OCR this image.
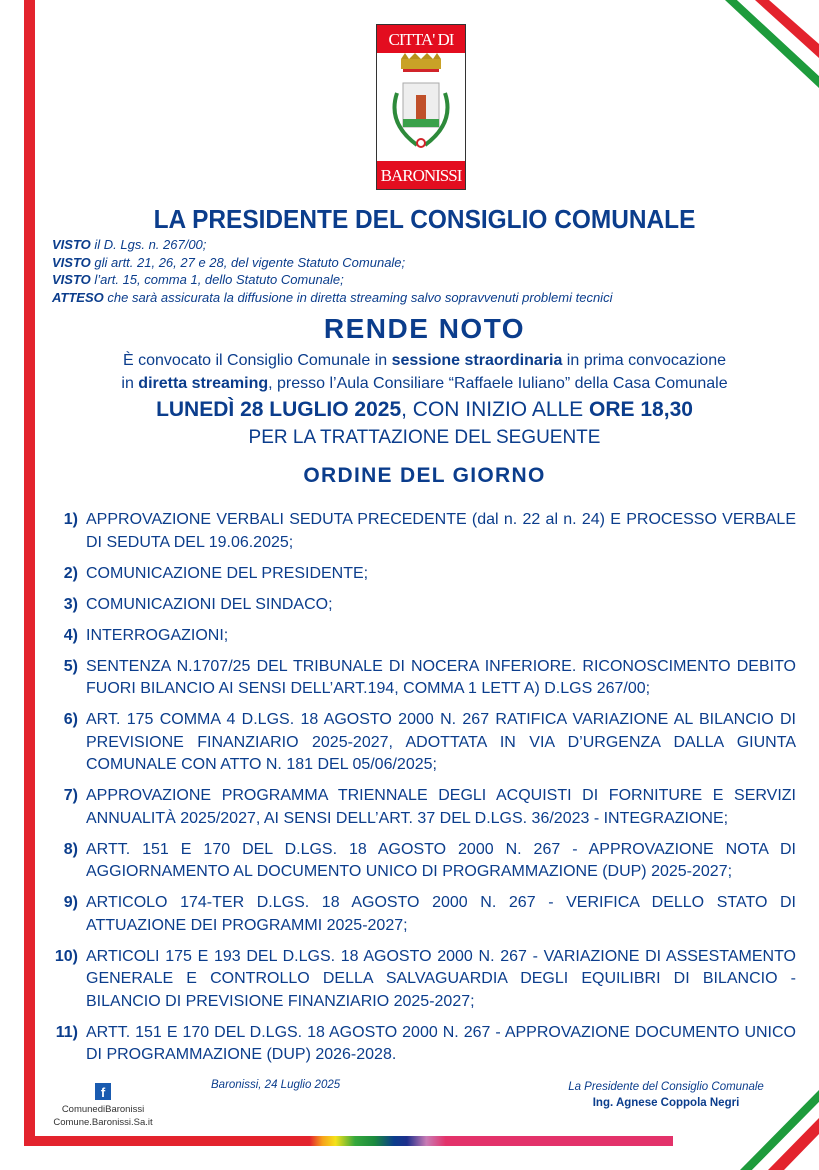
CITTA' DI
BARONISSI
LA PRESIDENTE DEL CONSIGLIO COMUNALE
VISTO il D. Lgs. n. 267/00;
VISTO gli artt. 21, 26, 27 e 28, del vigente Statuto Comunale;
VISTO l’art. 15, comma 1, dello Statuto Comunale;
ATTESO che sarà assicurata la diffusione in diretta streaming salvo sopravvenuti problemi tecnici
RENDE NOTO
È convocato il Consiglio Comunale in sessione straordinaria in prima convocazione
in diretta streaming, presso l’Aula Consiliare “Raffaele Iuliano” della Casa Comunale
LUNEDÌ 28 LUGLIO 2025, CON INIZIO ALLE ORE 18,30
PER LA TRATTAZIONE DEL SEGUENTE
ORDINE DEL GIORNO
1) APPROVAZIONE VERBALI SEDUTA PRECEDENTE (dal n. 22 al n. 24) E PROCESSO VERBALE DI SEDUTA DEL 19.06.2025;
2) COMUNICAZIONE DEL PRESIDENTE;
3) COMUNICAZIONI DEL SINDACO;
4) INTERROGAZIONI;
5) SENTENZA N.1707/25 DEL TRIBUNALE DI NOCERA INFERIORE. RICONOSCIMENTO DEBITO FUORI BILANCIO AI SENSI DELL’ART.194, COMMA 1 LETT A) D.LGS 267/00;
6) ART. 175 COMMA 4 D.LGS. 18 AGOSTO 2000 N. 267 RATIFICA VARIAZIONE AL BILANCIO DI PREVISIONE FINANZIARIO 2025-2027, ADOTTATA IN VIA D’URGENZA DALLA GIUNTA COMUNALE CON ATTO N. 181 DEL 05/06/2025;
7) APPROVAZIONE PROGRAMMA TRIENNALE DEGLI ACQUISTI DI FORNITURE E SERVIZI ANNUALITÀ 2025/2027, AI SENSI DELL’ART. 37 DEL D.LGS. 36/2023 - INTEGRAZIONE;
8) ARTT. 151 E 170 DEL D.LGS. 18 AGOSTO 2000 N. 267 - APPROVAZIONE NOTA DI AGGIORNAMENTO AL DOCUMENTO UNICO DI PROGRAMMAZIONE (DUP) 2025-2027;
9) ARTICOLO 174-TER D.LGS. 18 AGOSTO 2000 N. 267 - VERIFICA DELLO STATO DI ATTUAZIONE DEI PROGRAMMI 2025-2027;
10) ARTICOLI 175 E 193 DEL D.LGS. 18 AGOSTO 2000 N. 267 - VARIAZIONE DI ASSESTAMENTO GENERALE E CONTROLLO DELLA SALVAGUARDIA DEGLI EQUILIBRI DI BILANCIO - BILANCIO DI PREVISIONE FINANZIARIO 2025-2027;
11) ARTT. 151 E 170 DEL D.LGS. 18 AGOSTO 2000 N. 267 - APPROVAZIONE DOCUMENTO UNICO DI PROGRAMMAZIONE (DUP) 2026-2028.
f
ComunediBaronissi
Comune.Baronissi.Sa.it
Baronissi, 24 Luglio 2025	La Presidente del Consiglio Comunale
Ing. Agnese Coppola Negri
